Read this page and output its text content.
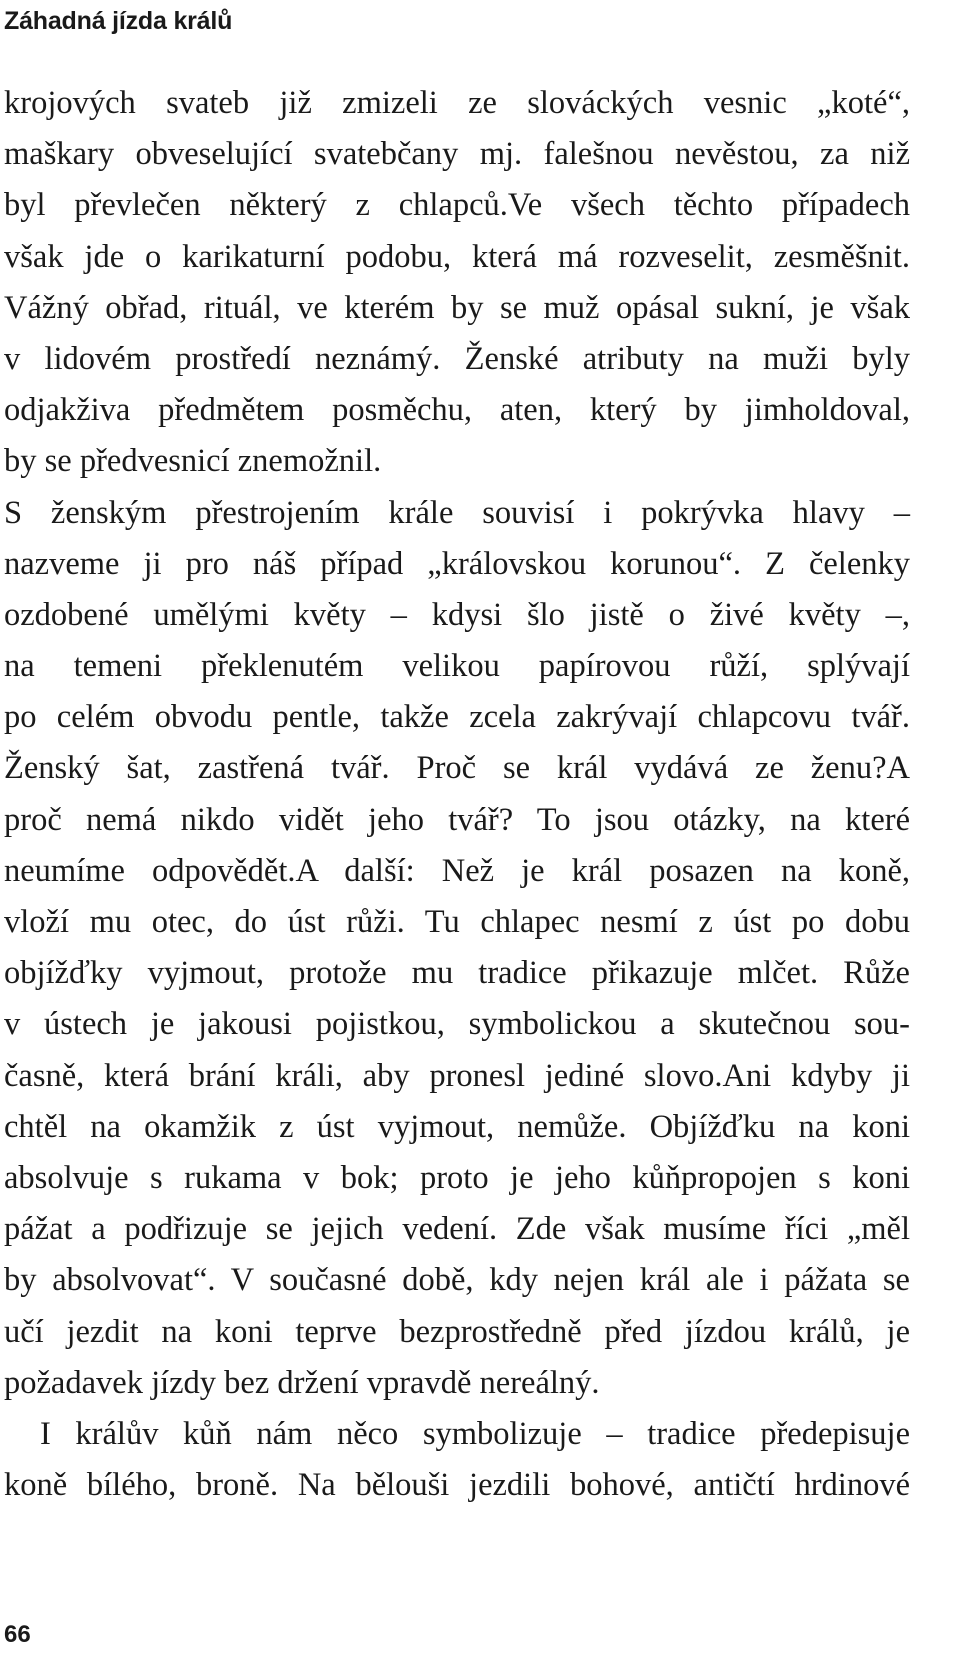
Záhadná jízda králů
krojových svateb již zmizeli ze slováckých vesnic „koté“,
maškary obveselující svatebčany mj. falešnou nevěstou, za niž
byl převlečen některý z chlapců.Ve všech těchto případech
však jde o karikaturní podobu, která má rozveselit, zesměšnit.
Vážný obřad, rituál, ve kterém by se muž opásal sukní, je však
v lidovém prostředí neznámý. Ženské atributy na muži byly
odjakživa předmětem posměchu, aten, který by jimholdoval,
by se předvesnicí znemožnil.
S ženským přestrojením krále souvisí i pokrývka hlavy –
nazveme ji pro náš případ „královskou korunou“. Z čelenky
ozdobené umělými květy – kdysi šlo jistě o živé květy –,
na temeni překlenutém velikou papírovou růží, splývají
po celém obvodu pentle, takže zcela zakrývají chlapcovu tvář.
Ženský šat, zastřená tvář. Proč se král vydává ze ženu?A
proč nemá nikdo vidět jeho tvář? To jsou otázky, na které
neumíme odpovědět.A další: Než je král posazen na koně,
vloží mu otec, do úst růži. Tu chlapec nesmí z úst po dobu
objížďky vyjmout, protože mu tradice přikazuje mlčet. Růže
v ústech je jakousi pojistkou, symbolickou a skutečnou sou-
časně, která brání králi, aby pronesl jediné slovo.Ani kdyby ji
chtěl na okamžik z úst vyjmout, nemůže. Objížďku na koni
absolvuje s rukama v bok; proto je jeho kůňpropojen s koni
pážat a podřizuje se jejich vedení. Zde však musíme říci „měl
by absolvovat“. V současné době, kdy nejen král ale i pážata se
učí jezdit na koni teprve bezprostředně před jízdou králů, je
požadavek jízdy bez držení vpravdě nereálný.
I králův kůň nám něco symbolizuje – tradice předepisuje
koně bílého, broně. Na bělouši jezdili bohové, antičtí hrdinové
66
